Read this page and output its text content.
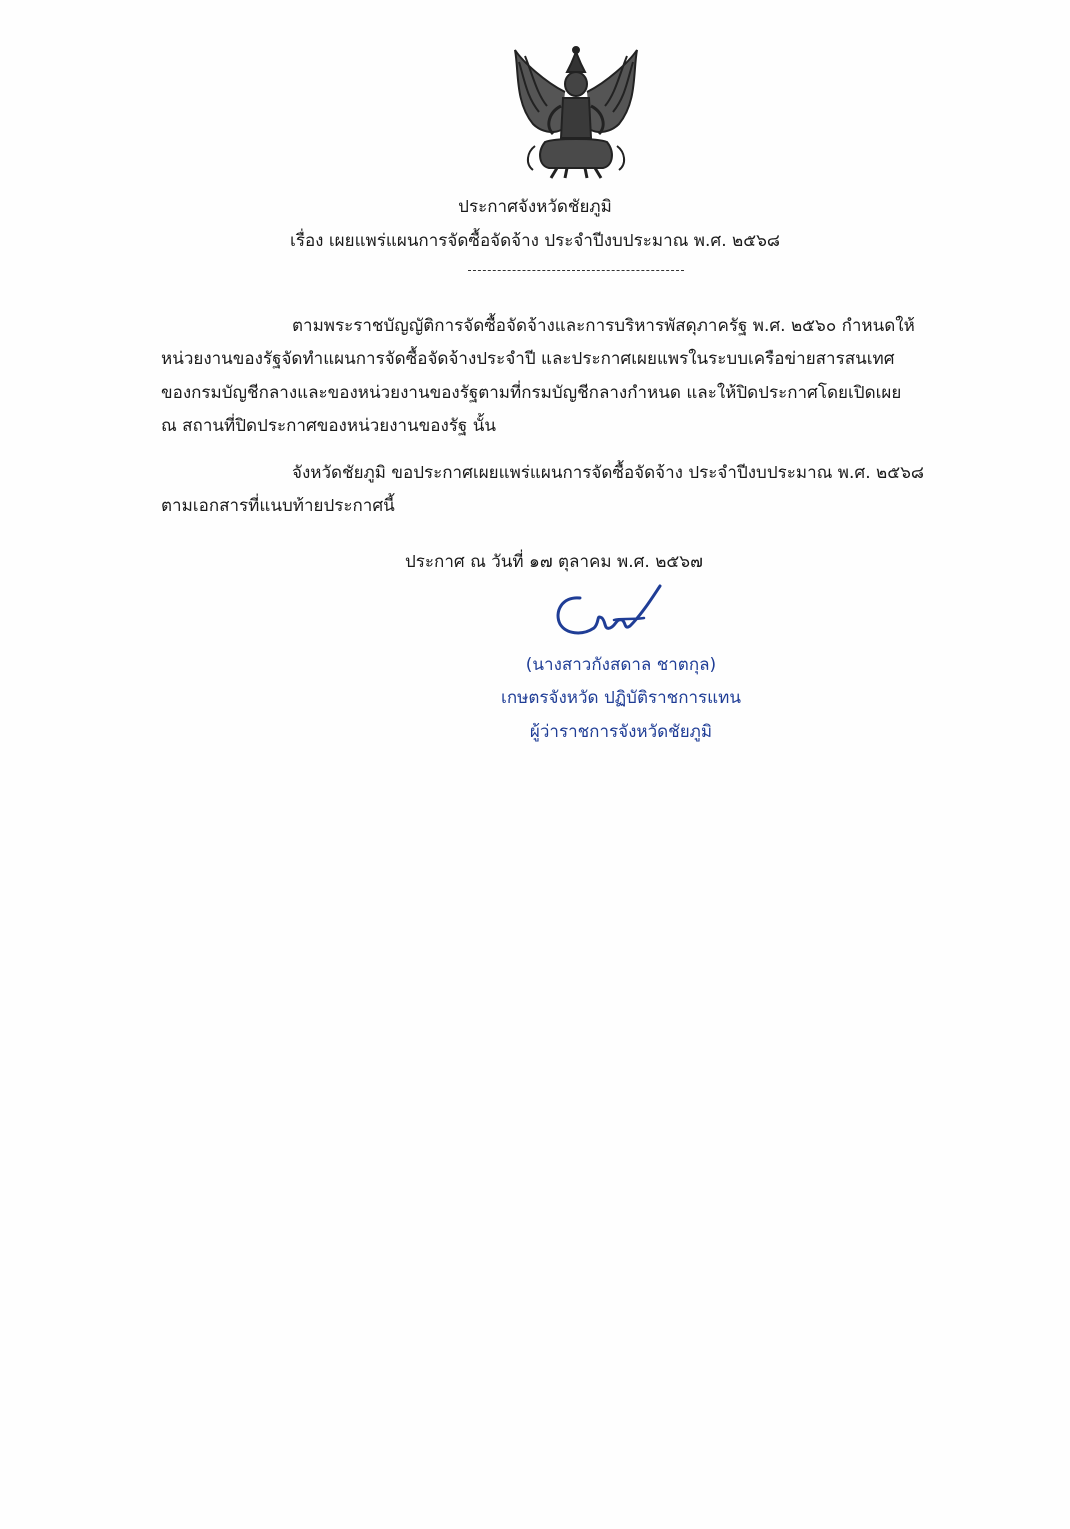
ประกาศจังหวัดชัยภูมิ
เรื่อง เผยแพร่แผนการจัดซื้อจัดจ้าง ประจำปีงบประมาณ พ.ศ. ๒๕๖๘
ตามพระราชบัญญัติการจัดซื้อจัดจ้างและการบริหารพัสดุภาครัฐ พ.ศ. ๒๕๖๐ กำหนดให้
หน่วยงานของรัฐจัดทำแผนการจัดซื้อจัดจ้างประจำปี และประกาศเผยแพรในระบบเครือข่ายสารสนเทศ
ของกรมบัญชีกลางและของหน่วยงานของรัฐตามที่กรมบัญชีกลางกำหนด และให้ปิดประกาศโดยเปิดเผย
ณ สถานที่ปิดประกาศของหน่วยงานของรัฐ นั้น
จังหวัดชัยภูมิ ขอประกาศเผยแพร่แผนการจัดซื้อจัดจ้าง ประจำปีงบประมาณ พ.ศ. ๒๕๖๘
ตามเอกสารที่แนบท้ายประกาศนี้
ประกาศ ณ วันที่ ๑๗ ตุลาคม พ.ศ. ๒๕๖๗
(นางสาวกังสดาล ชาตกุล)
เกษตรจังหวัด ปฏิบัติราชการแทน
ผู้ว่าราชการจังหวัดชัยภูมิ
